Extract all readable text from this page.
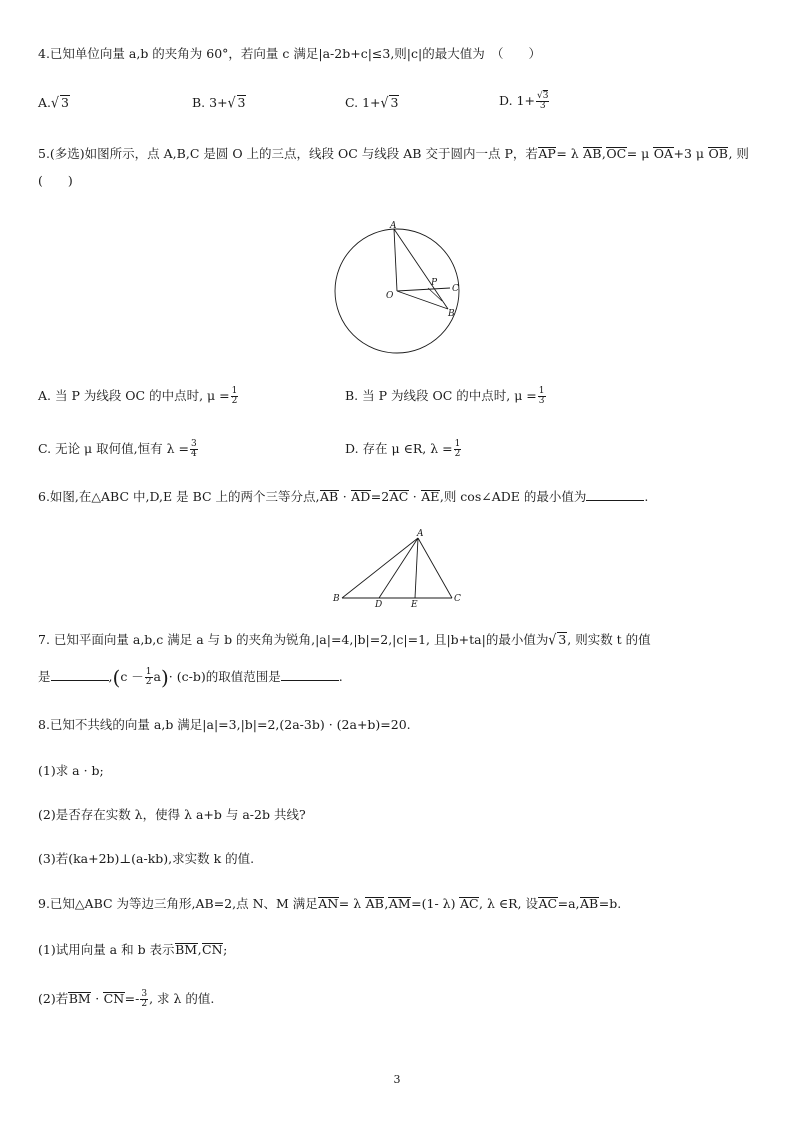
4.已知单位向量 a,b 的夹角为 60°，若向量 c 满足|a-2b+c|≤3,则|c|的最大值为　（　　）
A.√ 3	B. 3+√ 3	C. 1+√ 3	D. $1+ \frac{√3}{3}$
5.(多选)如图所示，点 A,B,C 是圆 O 上的三点，线段 OC 与线段 AB 交于圆内一点 P，若AP= λ AB,OC= μ OA+3 μ OB, 则
(　　)
A
O
P
C
B
A. 当 P 为线段 OC 的中点时, $\mu = \frac{1}{2}$	B. 当 P 为线段 OC 的中点时, $\mu = \frac{1}{3}$
C. 无论 μ 取何值,恒有 $\lambda = \frac{3}{4}$	D. 存在 μ ∈R, $\lambda = \frac{1}{2}$
6.如图,在△ABC 中,D,E 是 BC 上的两个三等分点,AB · AD=2AC · AE,则 cos∠ADE 的最小值为	.
A
B
D	E
C
7. 已知平面向量 a,b,c 满足 a 与 b 的夹角为锐角,|a|=4,|b|=2,|c|=1, 且|b+ta|的最小值为√ 3, 则实数 t 的值
是	$,(c - \frac{1}{2} a)\cdot (c-b)$的取值范围是	.
8.已知不共线的向量 a,b 满足|a|=3,|b|=2,(2a-3b) · (2a+b)=20.
(1)求 a · b;
(2)是否存在实数 λ，使得 λ a+b 与 a-2b 共线?
(3)若(ka+2b)⊥(a-kb),求实数 k 的值.
9.已知△ABC 为等边三角形,AB=2,点 N、M 满足AN= λ AB,AM=(1- λ) AC, λ ∈R, 设AC=a,AB=b.
(1)试用向量 a 和 b 表示BM,CN;
(2)若BM · $CN=- \frac{3}{2}$ , 求 λ 的值.
3
